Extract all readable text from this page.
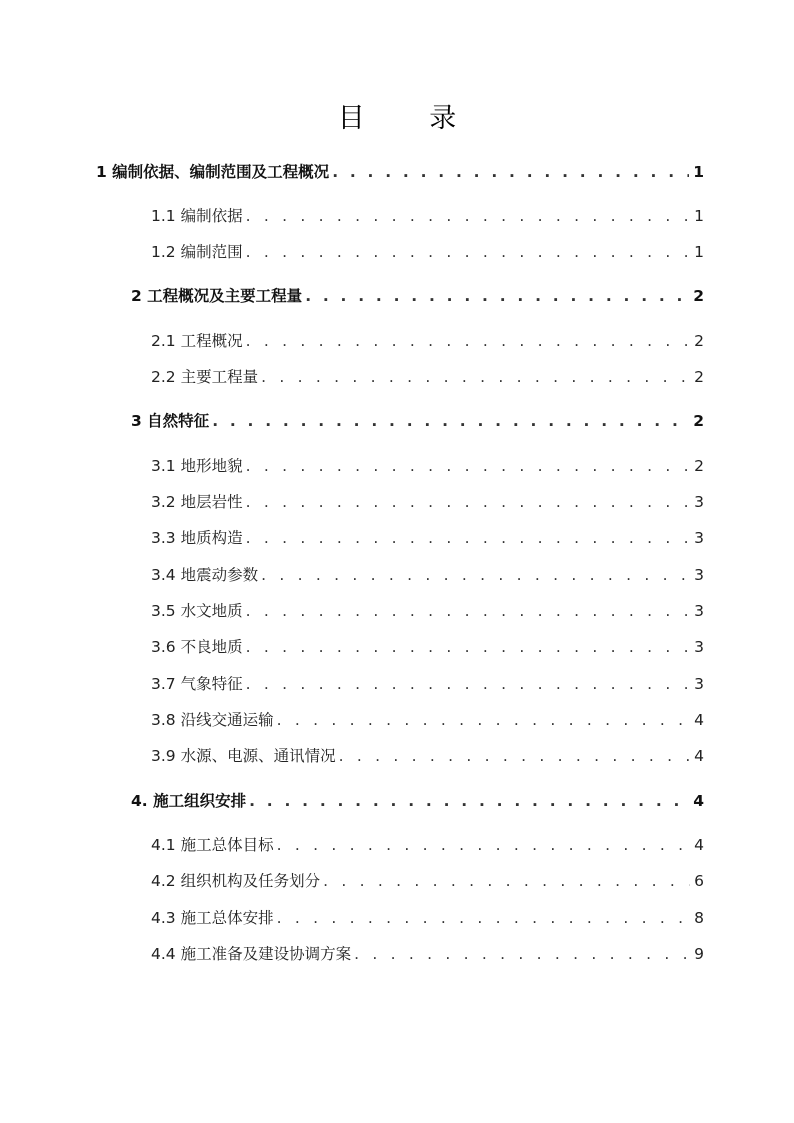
目 录
1 编制依据、编制范围及工程概况 . . .	1
1.1 编制依据 . . .	1
1.2 编制范围 . . .	1
2 工程概况及主要工程量 . . .	2
2.1 工程概况 . . .	2
2.2 主要工程量 . . .	2
3 自然特征 . . .	2
3.1 地形地貌 . . .	2
3.2 地层岩性 . . .	3
3.3 地质构造 . . .	3
3.4 地震动参数 . . .	3
3.5 水文地质 . . .	3
3.6 不良地质 . . .	3
3.7 气象特征 . . .	3
3.8 沿线交通运输 . . .	4
3.9 水源、电源、通讯情况 . . .	4
4. 施工组织安排 . . .	4
4.1 施工总体目标 . . .	4
4.2 组织机构及任务划分 . . .	6
4.3 施工总体安排 . . .	8
4.4 施工准备及建设协调方案 . . .	9
